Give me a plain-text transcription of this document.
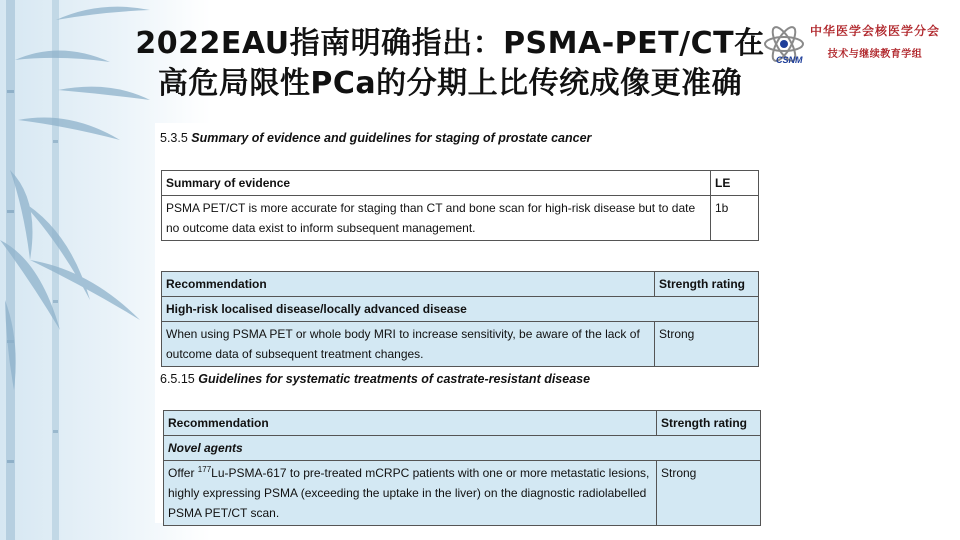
2022EAU指南明确指出：PSMA-PET/CT在
高危局限性PCa的分期上比传统成像更准确
CSNM
中华医学会核医学分会
技术与继续教育学组
5.3.5 Summary of evidence and guidelines for staging of prostate cancer
Summary of evidence	LE
PSMA PET/CT is more accurate for staging than CT and bone scan for high-risk disease but to date no outcome data exist to inform subsequent management.	1b
Recommendation	Strength rating
High-risk localised disease/locally advanced disease	
When using PSMA PET or whole body MRI to increase sensitivity, be aware of the lack of outcome data of subsequent treatment changes.	Strong
6.5.15 Guidelines for systematic treatments of castrate-resistant disease
Recommendation	Strength rating
Novel agents	
Offer $^{177}$Lu-PSMA-617 to pre-treated mCRPC patients with one or more metastatic lesions, highly expressing PSMA (exceeding the uptake in the liver) on the diagnostic radiolabelled PSMA PET/CT scan.	Strong
